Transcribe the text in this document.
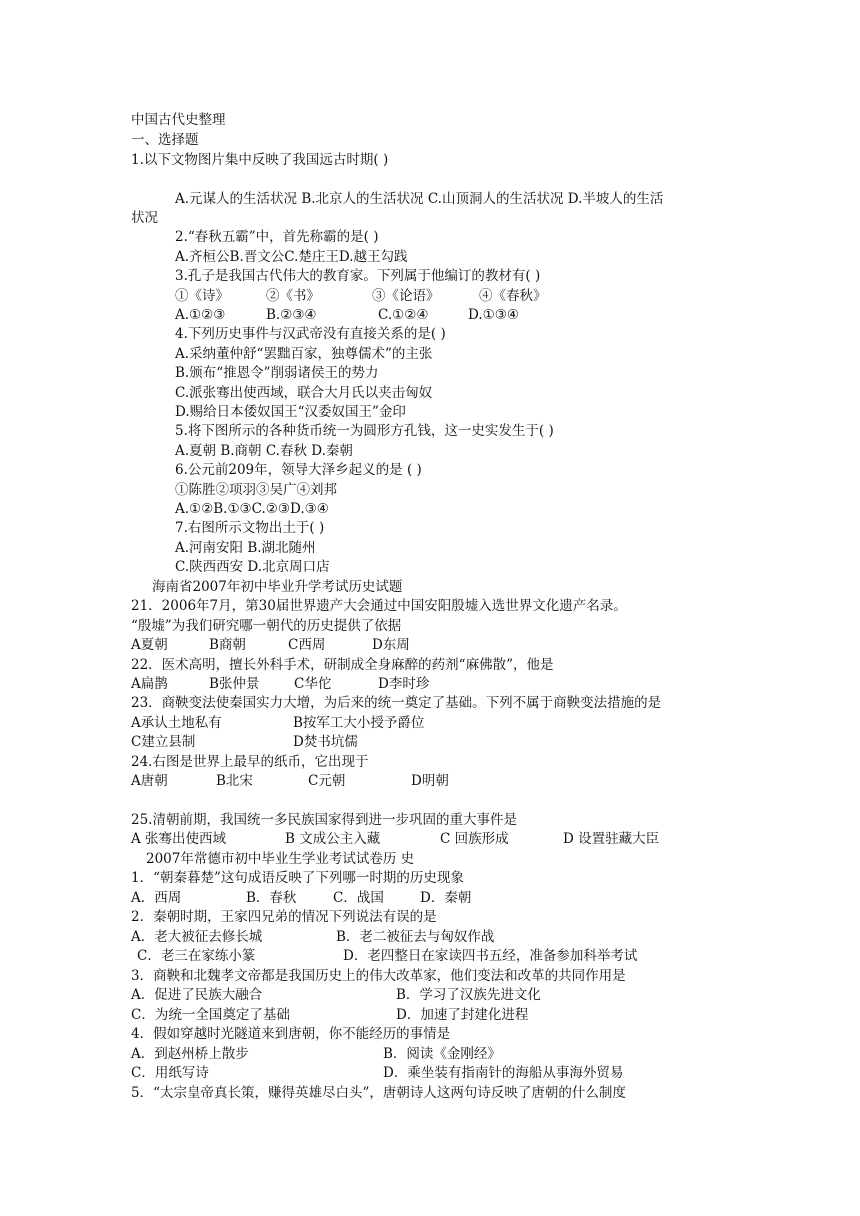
中国古代史整理
一、选择题
1.以下文物图片集中反映了我国远古时期( )
A.元谋人的生活状况 B.北京人的生活状况 C.山顶洞人的生活状况 D.半坡人的生活
状况
2.“春秋五霸”中，首先称霸的是( )
A.齐桓公B.晋文公C.楚庄王D.越王勾践
3.孔子是我国古代伟大的教育家。下列属于他编订的教材有( )
①《诗》	②《书》	③《论语》	④《春秋》
A.①②③	B.②③④	C.①②④	D.①③④
4.下列历史事件与汉武帝没有直接关系的是( )
A.采纳董仲舒“罢黜百家，独尊儒术”的主张
B.颁布“推恩令”削弱诸侯王的势力
C.派张骞出使西域，联合大月氏以夹击匈奴
D.赐给日本倭奴国王“汉委奴国王”金印
5.将下图所示的各种货币统一为圆形方孔钱，这一史实发生于( )
A.夏朝 B.商朝 C.春秋 D.秦朝
6.公元前209年，领导大泽乡起义的是 ( )
①陈胜②项羽③吴广④刘邦
A.①②B.①③C.②③D.③④
7.右图所示文物出土于( )
A.河南安阳 B.湖北随州
C.陕西西安 D.北京周口店
海南省2007年初中毕业升学考试历史试题
21．2006年7月，第30届世界遗产大会通过中国安阳殷墟入选世界文化遗产名录。
“殷墟”为我们研究哪一朝代的历史提供了依据
A夏朝	B商朝	C西周	D东周
22．医术高明，擅长外科手术，研制成全身麻醉的药剂“麻佛散”，他是
A扁鹊	B张仲景	C华佗	D李时珍
23．商鞅变法使秦国实力大增，为后来的统一奠定了基础。下列不属于商鞅变法措施的是
A承认土地私有	B按军工大小授予爵位
C建立县制	D焚书坑儒
24.右图是世界上最早的纸币，它出现于
A唐朝	B北宋	C元朝	D明朝
25.清朝前期，我国统一多民族国家得到进一步巩固的重大事件是
A 张骞出使西域	B 文成公主入藏	C 回族形成	D 设置驻藏大臣
2007年常德市初中毕业生学业考试试卷历 史
1．“朝秦暮楚”这句成语反映了下列哪一时期的历史现象
A．西周	B．春秋	C．战国	D．秦朝
2．秦朝时期，王家四兄弟的情况下列说法有误的是
A．老大被征去修长城	B．老二被征去与匈奴作战
C．老三在家练小篆	D．老四整日在家读四书五经，准备参加科举考试
3．商鞅和北魏孝文帝都是我国历史上的伟大改革家，他们变法和改革的共同作用是
A．促进了民族大融合	B．学习了汉族先进文化
C．为统一全国奠定了基础	D．加速了封建化进程
4．假如穿越时光隧道来到唐朝，你不能经历的事情是
A．到赵州桥上散步	B．阅读《金刚经》
C．用纸写诗	D．乘坐装有指南针的海船从事海外贸易
5．“太宗皇帝真长策，赚得英雄尽白头”，唐朝诗人这两句诗反映了唐朝的什么制度
